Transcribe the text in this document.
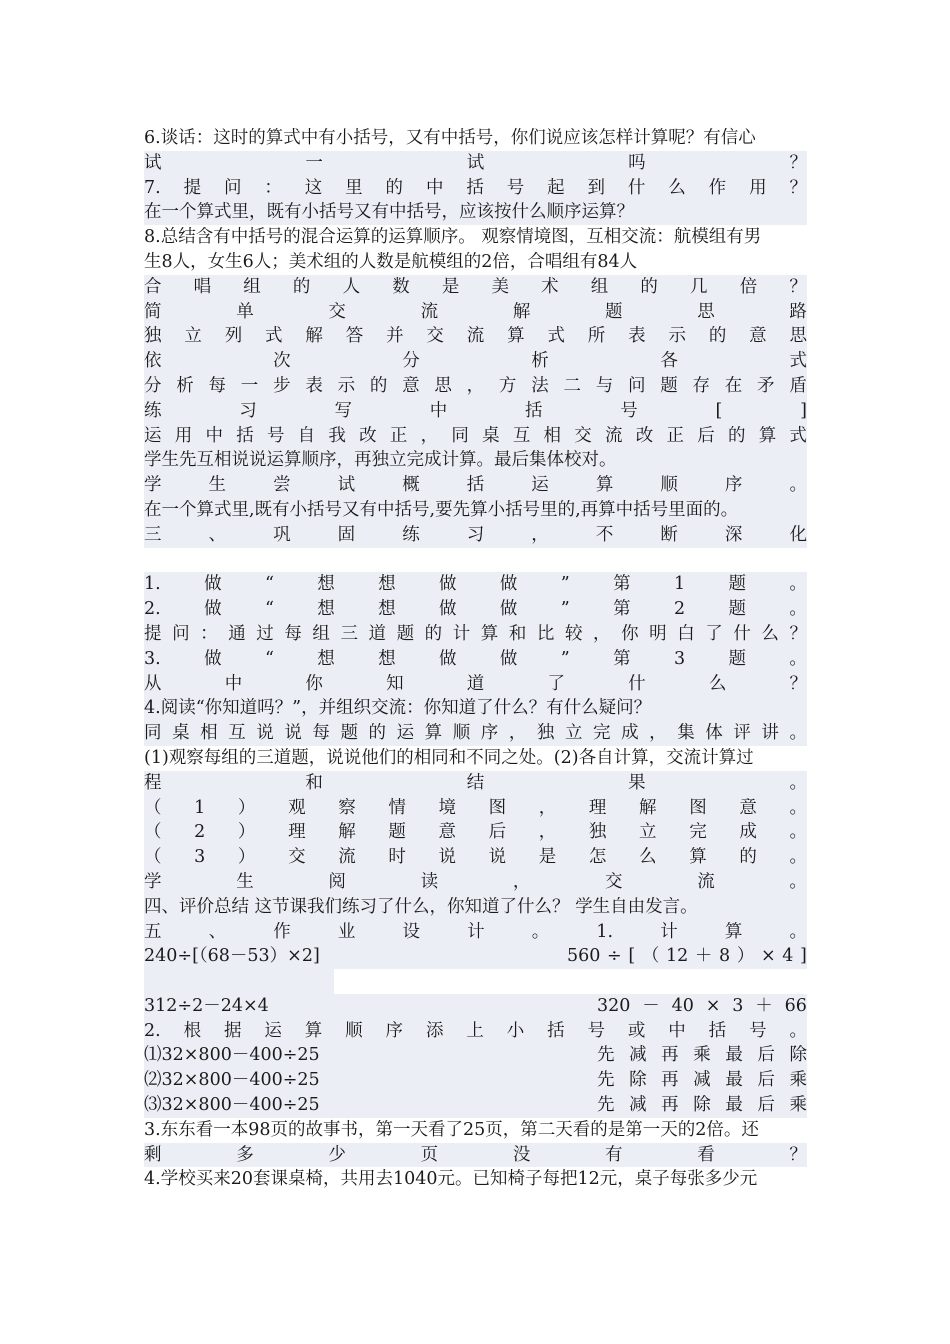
6.谈话：这时的算式中有小括号，又有中括号，你们说应该怎样计算呢？有信心
试	一	试	吗	？
7. 提 问 ： 这 里 的 中 括 号 起 到 什 么 作 用 ？
在一个算式里，既有小括号又有中括号，应该按什么顺序运算？
8.总结含有中括号的混合运算的运算顺序。 观察情境图，互相交流：航模组有男
生8人，女生6人；美术组的人数是航模组的2倍，合唱组有84人
合 唱 组 的 人 数 是 美 术 组 的 几 倍 ？
简	单	交	流	解	题	思	路
独 立 列 式 解 答 并 交 流 算 式 所 表 示 的 意 思
依	次	分	析	各	式
分 析 每 一 步 表 示 的 意 思 ， 方 法 二 与 问 题 存 在 矛 盾
练	习	写	中	括	号	[	]
运 用 中 括 号 自 我 改 正 ， 同 桌 互 相 交 流 改 正 后 的 算 式
学生先互相说说运算顺序，再独立完成计算。最后集体校对。
学	生	尝	试	概	括	运	算	顺	序	。
在一个算式里,既有小括号又有中括号,要先算小括号里的,再算中括号里面的。
三	、	巩	固	练	习	，	不	断	深	化
1. 做 “ 想 想 做 做 ” 第 1 题 。
2. 做 “ 想 想 做 做 ” 第 2 题 。
提 问 ： 通 过 每 组 三 道 题 的 计 算 和 比 较 ， 你 明 白 了 什 么 ？
3. 做 “ 想 想 做 做 ” 第 3 题 。
从	中	你	知	道	了	什	么	？
4.阅读“你知道吗？”，并组织交流：你知道了什么？有什么疑问？
同 桌 相 互 说 说 每 题 的 运 算 顺 序 ， 独 立 完 成 ， 集 体 评 讲 。
(1)观察每组的三道题，说说他们的相同和不同之处。(2)各自计算，交流计算过
程	和	结	果	。
（ 1 ） 观 察 情 境 图 ， 理 解 图 意 。
（ 2 ） 理 解 题 意 后 ， 独 立 完 成 。
（ 3 ） 交 流 时 说 说 是 怎 么 算 的 。
学	生	阅	读	，	交	流	。
四、评价总结 这节课我们练习了什么，你知道了什么？ 学生自由发言。
五	、	作	业	设	计	。	1.	计	算	。
240÷[（68－53）×2]	560 ÷ [ （ 12 ＋ 8 ） × 4 ]
312÷2－24×4	320 － 40 × 3 ＋ 66
2. 根 据 运 算 顺 序 添 上 小 括 号 或 中 括 号 。
⑴32×800－400÷25	先 减 再 乘 最 后 除
⑵32×800－400÷25	先 除 再 减 最 后 乘
⑶32×800－400÷25	先 减 再 除 最 后 乘
3.东东看一本98页的故事书，第一天看了25页，第二天看的是第一天的2倍。还
剩	多	少	页	没	有	看	？
4.学校买来20套课桌椅，共用去1040元。已知椅子每把12元，桌子每张多少元
